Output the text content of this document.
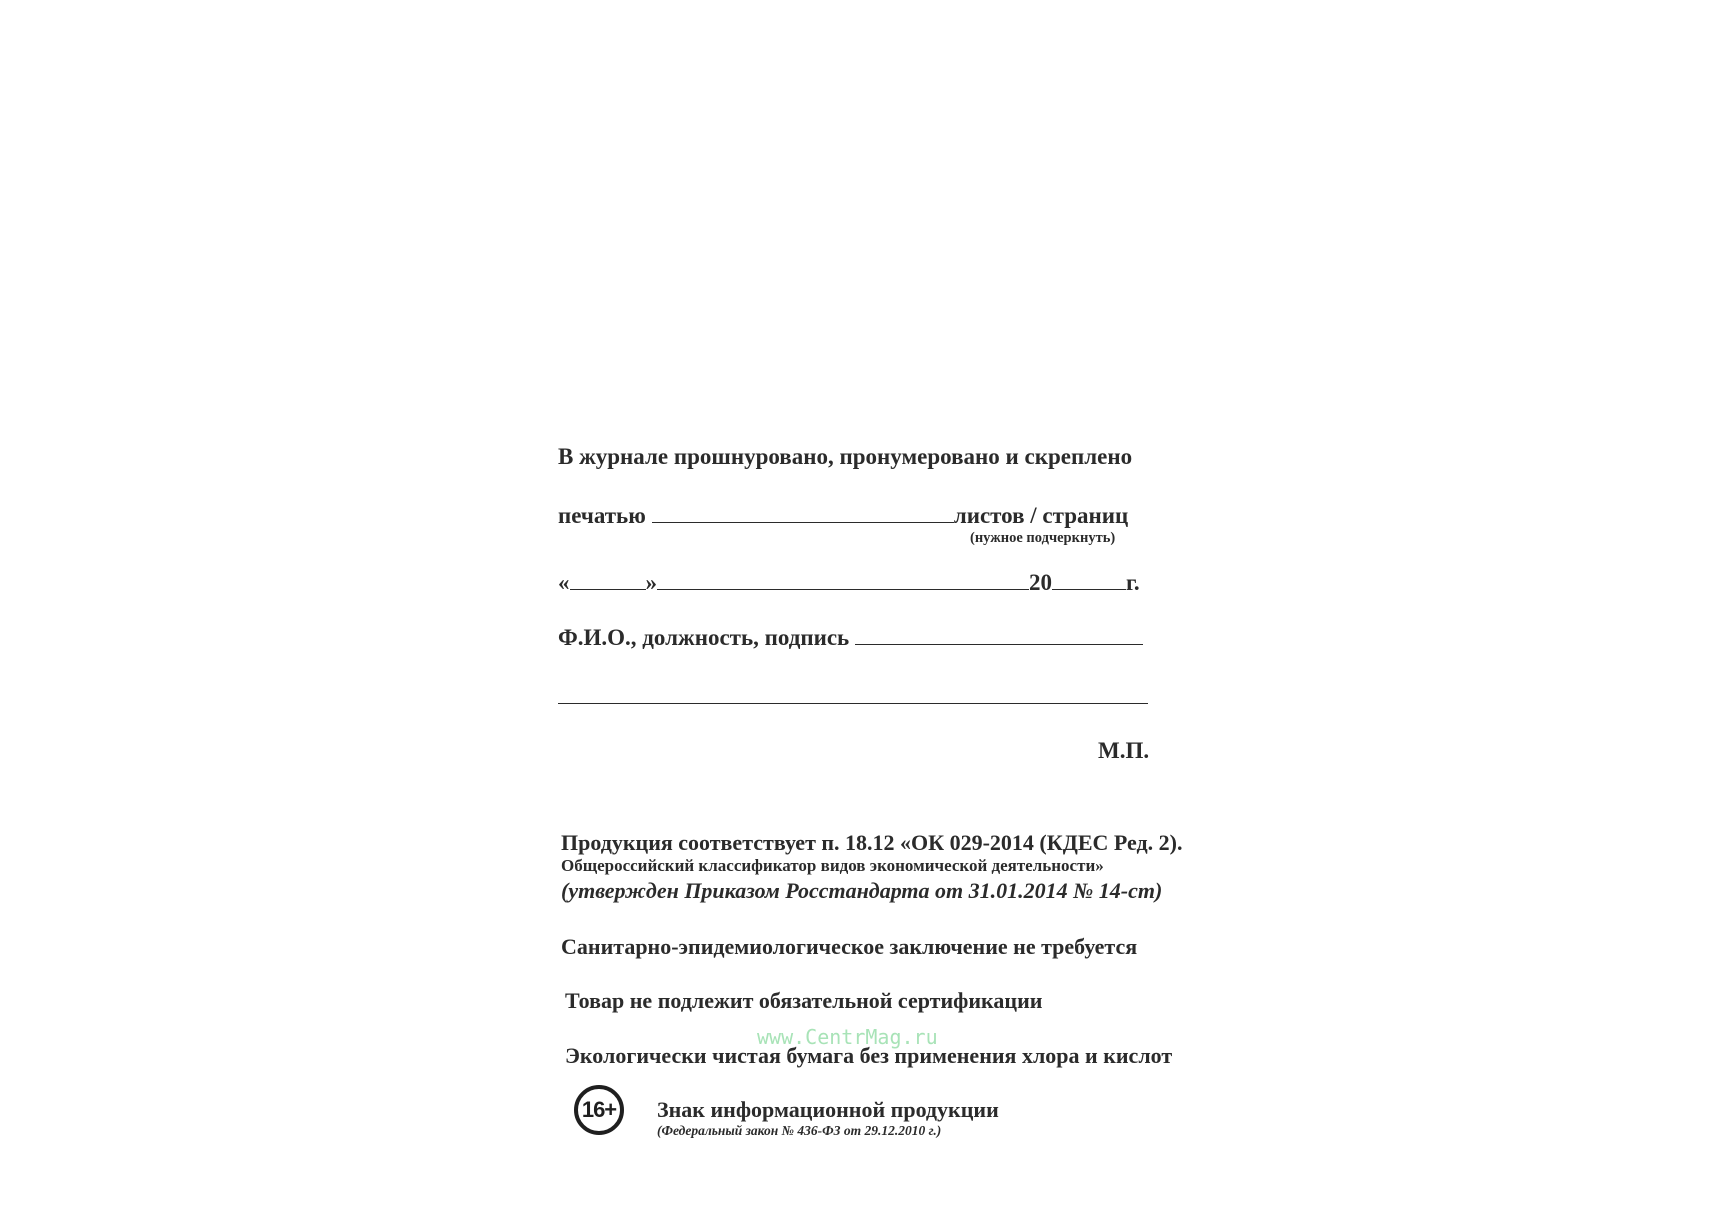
В журнале прошнуровано, пронумеровано и скреплено
печатью	листов / страниц
(нужное подчеркнуть)
«	»	20	г.
Ф.И.О., должность, подпись
М.П.
Продукция соответствует п. 18.12 «ОК 029-2014 (КДЕС Ред. 2).
Общероссийский классификатор видов экономической деятельности»
(утвержден Приказом Росстандарта от 31.01.2014 № 14-ст)
Санитарно-эпидемиологическое заключение не требуется
Товар не подлежит обязательной сертификации
Экологически чистая бумага без применения хлора и кислот
www.CentrMag.ru
16+ Знак информационной продукции
(Федеральный закон № 436-ФЗ от 29.12.2010 г.)
